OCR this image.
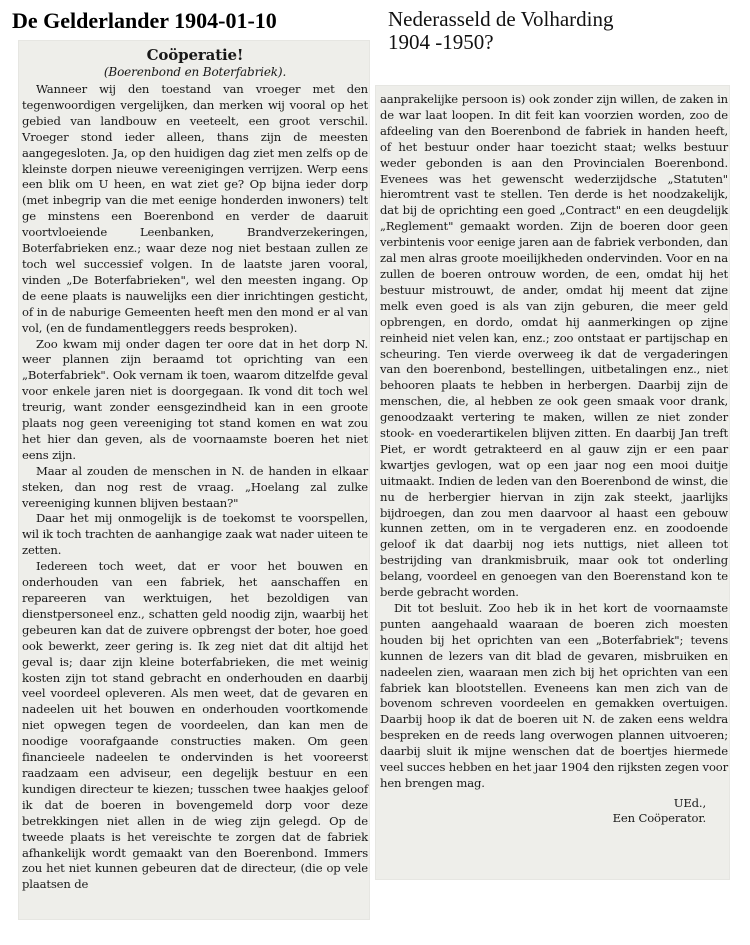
De Gelderlander 1904-01-10	Nederasseld de Volharding
1904 -1950?
Coöperatie!
(Boerenbond en Boterfabriek).

Wanneer wij den toestand van vroeger met den tegenwoordigen vergelijken, dan merken wij vooral op het gebied van landbouw en veeteelt, een groot verschil. Vroeger stond ieder alleen, thans zijn de meesten aangegesloten. Ja, op den huidigen dag ziet men zelfs op de kleinste dorpen nieuwe vereenigingen verrijzen. Werp eens een blik om U heen, en wat ziet ge? Op bijna ieder dorp (met inbegrip van die met eenige honderden inwoners) telt ge minstens een Boerenbond en verder de daaruit voortvloeiende Leenbanken, Brandverzekeringen, Boterfabrieken enz.; waar deze nog niet bestaan zullen ze toch wel successief volgen. In de laatste jaren vooral, vinden „De Boterfabrieken", wel den meesten ingang. Op de eene plaats is nauwelijks een dier inrichtingen gesticht, of in de naburige Gemeenten heeft men den mond er al van vol, (en de fundamentleggers reeds besproken).

Zoo kwam mij onder dagen ter oore dat in het dorp N. weer plannen zijn beraamd tot oprichting van een „Boterfabriek". Ook vernam ik toen, waarom ditzelfde geval voor enkele jaren niet is doorgegaan. Ik vond dit toch wel treurig, want zonder eensgezindheid kan in een groote plaats nog geen vereeniging tot stand komen en wat zou het hier dan geven, als de voornaamste boeren het niet eens zijn.

Maar al zouden de menschen in N. de handen in elkaar steken, dan nog rest de vraag. „Hoelang zal zulke vereeniging kunnen blijven bestaan?"

Daar het mij onmogelijk is de toekomst te voorspellen, wil ik toch trachten de aanhangige zaak wat nader uiteen te zetten.

Iedereen toch weet, dat er voor het bouwen en onderhouden van een fabriek, het aanschaffen en repareeren van werktuigen, het bezoldigen van dienstpersoneel enz., schatten geld noodig zijn, waarbij het gebeuren kan dat de zuivere opbrengst der boter, hoe goed ook bewerkt, zeer gering is. Ik zeg niet dat dit altijd het geval is; daar zijn kleine boterfabrieken, die met weinig kosten zijn tot stand gebracht en onderhouden en daarbij veel voordeel opleveren. Als men weet, dat de gevaren en nadeelen uit het bouwen en onderhouden voortkomende niet opwegen tegen de voordeelen, dan kan men de noodige voorafgaande constructies maken. Om geen financieele nadeelen te ondervinden is het vooreerst raadzaam een adviseur, een degelijk bestuur en een kundigen directeur te kiezen; tusschen twee haakjes geloof ik dat de boeren in bovengemeld dorp voor deze betrekkingen niet allen in de wieg zijn gelegd. Op de tweede plaats is het vereischte te zorgen dat de fabriek afhankelijk wordt gemaakt van den Boerenbond. Immers zou het niet kunnen gebeuren dat de directeur, (die op vele plaatsen de

aanprakelijke persoon is) ook zonder zijn willen, de zaken in de war laat loopen. In dit feit kan voorzien worden, zoo de afdeeling van den Boerenbond de fabriek in handen heeft, of het bestuur onder haar toezicht staat; welks bestuur weder gebonden is aan den Provincialen Boerenbond. Evenees was het gewenscht wederzijdsche „Statuten" hieromtrent vast te stellen. Ten derde is het noodzakelijk, dat bij de oprichting een goed „Contract" en een deugdelijk „Reglement" gemaakt worden. Zijn de boeren door geen verbintenis voor eenige jaren aan de fabriek verbonden, dan zal men alras groote moeilijkheden ondervinden. Voor en na zullen de boeren ontrouw worden, de een, omdat hij het bestuur mistrouwt, de ander, omdat hij meent dat zijne melk even goed is als van zijn geburen, die meer geld opbrengen, en dordo, omdat hij aanmerkingen op zijne reinheid niet velen kan, enz.; zoo ontstaat er partijschap en scheuring. Ten vierde overweeg ik dat de vergaderingen van den boerenbond, bestellingen, uitbetalingen enz., niet behooren plaats te hebben in herbergen. Daarbij zijn de menschen, die, al hebben ze ook geen smaak voor drank, genoodzaakt vertering te maken, willen ze niet zonder stook- en voederartikelen blijven zitten. En daarbij Jan treft Piet, er wordt getrakteerd en al gauw zijn er een paar kwartjes gevlogen, wat op een jaar nog een mooi duitje uitmaakt. Indien de leden van den Boerenbond de winst, die nu de herbergier hiervan in zijn zak steekt, jaarlijks bijdroegen, dan zou men daarvoor al haast een gebouw kunnen zetten, om in te vergaderen enz. en zoodoende geloof ik dat daarbij nog iets nuttigs, niet alleen tot bestrijding van drankmisbruik, maar ook tot onderling belang, voordeel en genoegen van den Boerenstand kon te berde gebracht worden.

Dit tot besluit. Zoo heb ik in het kort de voornaamste punten aangehaald waaraan de boeren zich moesten houden bij het oprichten van een „Boterfabriek"; tevens kunnen de lezers van dit blad de gevaren, misbruiken en nadeelen zien, waaraan men zich bij het oprichten van een fabriek kan blootstellen. Eveneens kan men zich van de bovenom schreven voordeelen en gemakken overtuigen. Daarbij hoop ik dat de boeren uit N. de zaken eens weldra bespreken en de reeds lang overwogen plannen uitvoeren; daarbij sluit ik mijne wenschen dat de boertjes hiermede veel succes hebben en het jaar 1904 den rijksten zegen voor hen brengen mag.

UEd.,
Een Coöperator.
